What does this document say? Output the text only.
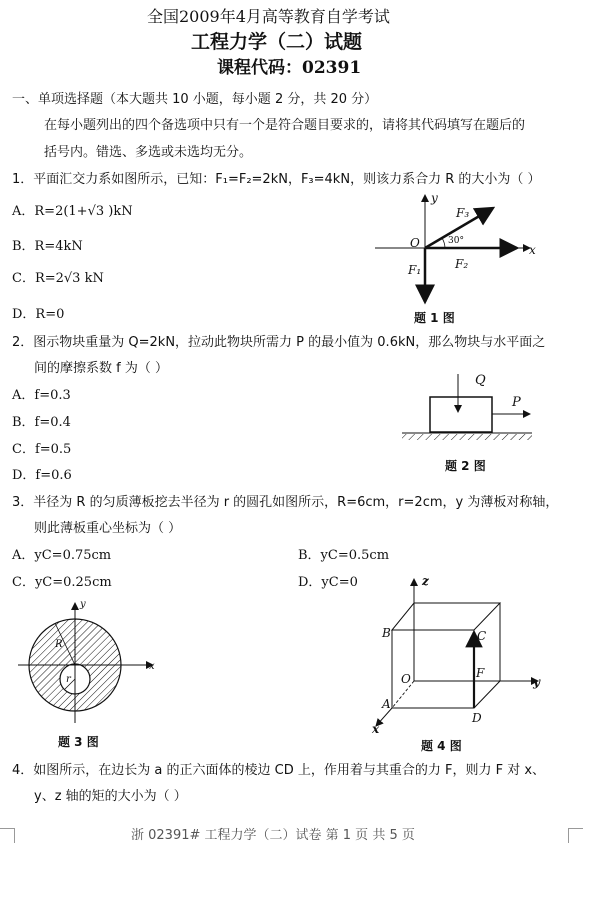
全国2009年4月高等教育自学考试
工程力学（二）试题
课程代码：02391
一、单项选择题（本大题共 10 小题，每小题 2 分，共 20 分）
在每小题列出的四个备选项中只有一个是符合题目要求的，请将其代码填写在题后的
括号内。错选、多选或未选均无分。
1．平面汇交力系如图所示，已知：F₁=F₂=2kN，F₃=4kN，则该力系合力 R 的大小为（ ）
A．R=2(1+√3 )kN
B．R=4kN
C．R=2√3 kN
D．R=0
y
x
O
F₃
F₂
F₁
30°
题 1 图
2．图示物块重量为 Q=2kN，拉动此物块所需力 P 的最小值为 0.6kN，那么物块与水平面之
间的摩擦系数 f 为（ ）
A．f=0.3
B．f=0.4
C．f=0.5
D．f=0.6
Q
P
题 2 图
3．半径为 R 的匀质薄板挖去半径为 r 的圆孔如图所示，R=6cm，r=2cm，y 为薄板对称轴，
则此薄板重心坐标为（ ）
A．yC=0.75cm	B．yC=0.5cm
C．yC=0.25cm	D．yC=0
y
x
R
r
题 3 图
z
y
x
O
A
B	C
D
F
题 4 图
4．如图所示，在边长为 a 的正六面体的棱边 CD 上，作用着与其重合的力 F，则力 F 对 x、
y、z 轴的矩的大小为（ ）
浙 02391# 工程力学（二）试卷 第 1 页 共 5 页
